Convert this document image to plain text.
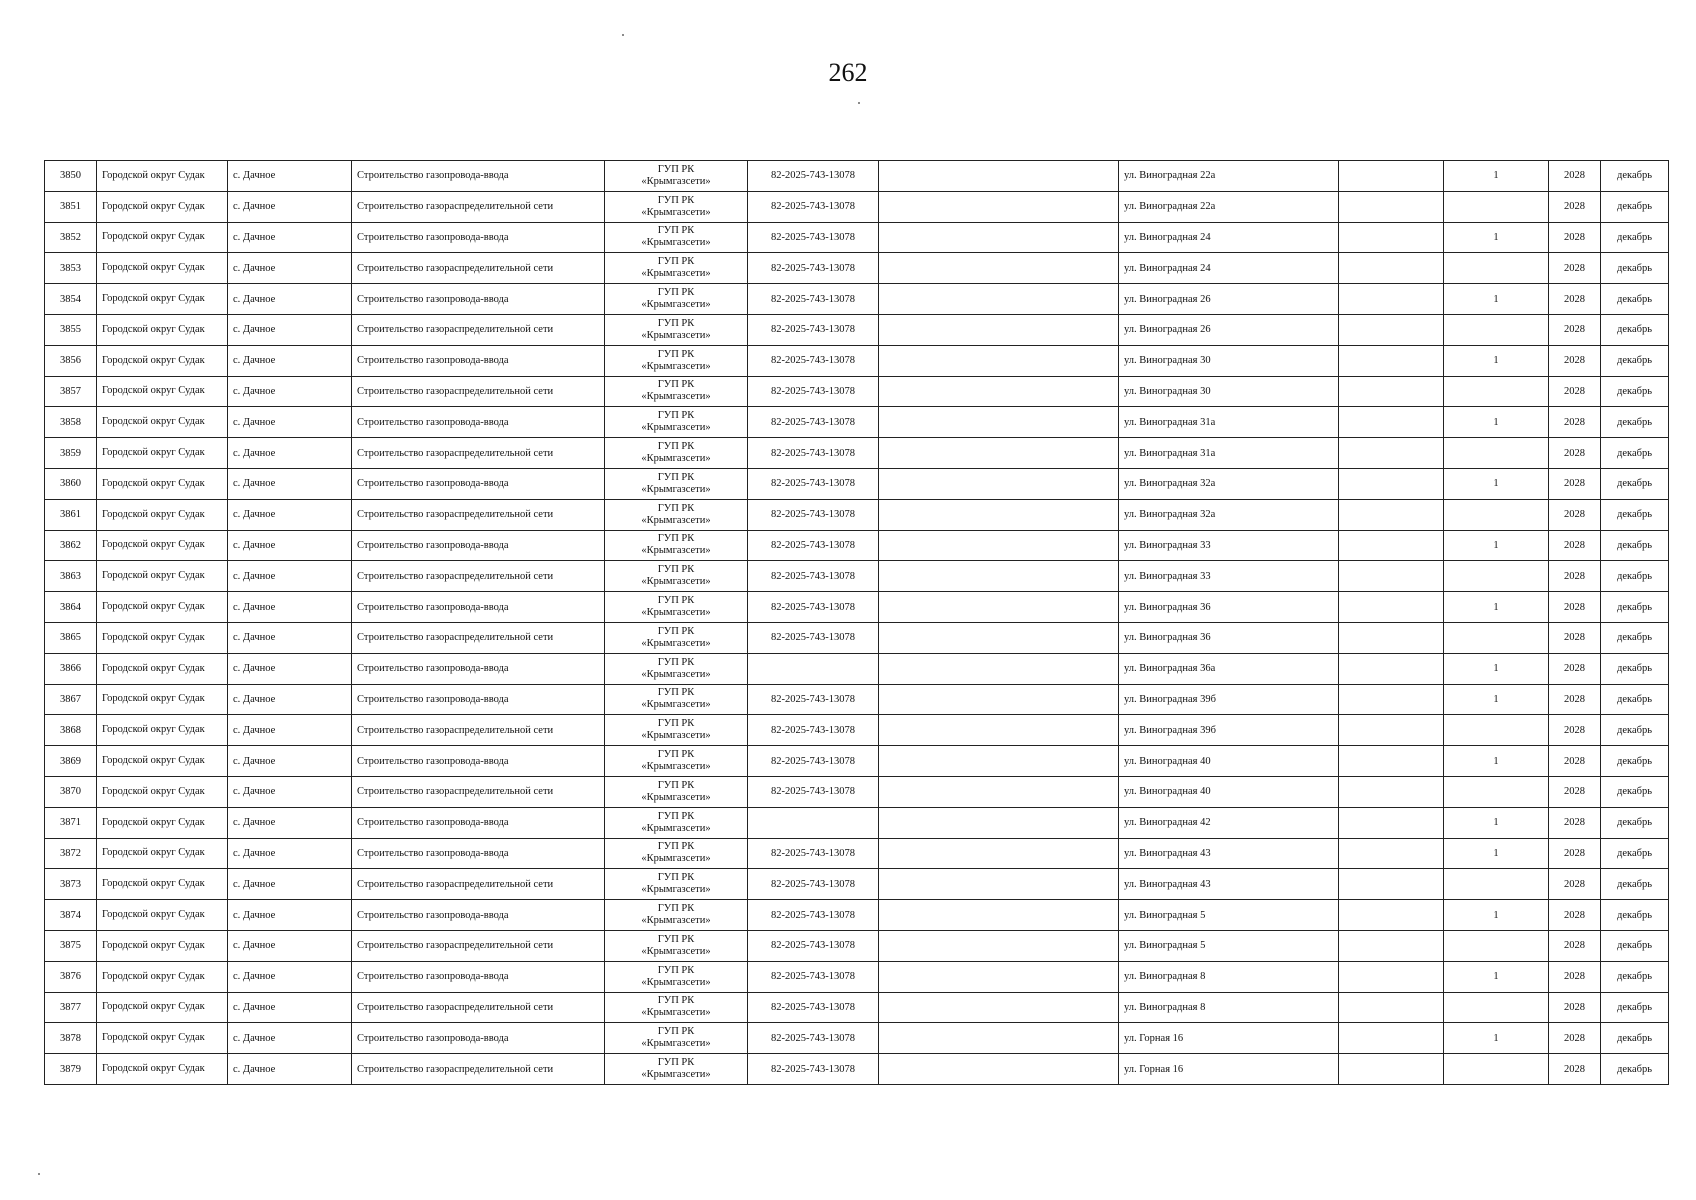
262
3850	Городской округ Судак	с. Дачное	Строительство газопровода-ввода	ГУП РК
«Крымгазсети»	82-2025-743-13078		ул. Виноградная 22а		1	2028	декабрь
3851	Городской округ Судак	с. Дачное	Строительство газораспределительной сети	ГУП РК
«Крымгазсети»	82-2025-743-13078		ул. Виноградная 22а			2028	декабрь
3852	Городской округ Судак	с. Дачное	Строительство газопровода-ввода	ГУП РК
«Крымгазсети»	82-2025-743-13078		ул. Виноградная 24		1	2028	декабрь
3853	Городской округ Судак	с. Дачное	Строительство газораспределительной сети	ГУП РК
«Крымгазсети»	82-2025-743-13078		ул. Виноградная 24			2028	декабрь
3854	Городской округ Судак	с. Дачное	Строительство газопровода-ввода	ГУП РК
«Крымгазсети»	82-2025-743-13078		ул. Виноградная 26		1	2028	декабрь
3855	Городской округ Судак	с. Дачное	Строительство газораспределительной сети	ГУП РК
«Крымгазсети»	82-2025-743-13078		ул. Виноградная 26			2028	декабрь
3856	Городской округ Судак	с. Дачное	Строительство газопровода-ввода	ГУП РК
«Крымгазсети»	82-2025-743-13078		ул. Виноградная 30		1	2028	декабрь
3857	Городской округ Судак	с. Дачное	Строительство газораспределительной сети	ГУП РК
«Крымгазсети»	82-2025-743-13078		ул. Виноградная 30			2028	декабрь
3858	Городской округ Судак	с. Дачное	Строительство газопровода-ввода	ГУП РК
«Крымгазсети»	82-2025-743-13078		ул. Виноградная 31а		1	2028	декабрь
3859	Городской округ Судак	с. Дачное	Строительство газораспределительной сети	ГУП РК
«Крымгазсети»	82-2025-743-13078		ул. Виноградная 31а			2028	декабрь
3860	Городской округ Судак	с. Дачное	Строительство газопровода-ввода	ГУП РК
«Крымгазсети»	82-2025-743-13078		ул. Виноградная 32а		1	2028	декабрь
3861	Городской округ Судак	с. Дачное	Строительство газораспределительной сети	ГУП РК
«Крымгазсети»	82-2025-743-13078		ул. Виноградная 32а			2028	декабрь
3862	Городской округ Судак	с. Дачное	Строительство газопровода-ввода	ГУП РК
«Крымгазсети»	82-2025-743-13078		ул. Виноградная 33		1	2028	декабрь
3863	Городской округ Судак	с. Дачное	Строительство газораспределительной сети	ГУП РК
«Крымгазсети»	82-2025-743-13078		ул. Виноградная 33			2028	декабрь
3864	Городской округ Судак	с. Дачное	Строительство газопровода-ввода	ГУП РК
«Крымгазсети»	82-2025-743-13078		ул. Виноградная 36		1	2028	декабрь
3865	Городской округ Судак	с. Дачное	Строительство газораспределительной сети	ГУП РК
«Крымгазсети»	82-2025-743-13078		ул. Виноградная 36			2028	декабрь
3866	Городской округ Судак	с. Дачное	Строительство газопровода-ввода	ГУП РК
«Крымгазсети»			ул. Виноградная 36а		1	2028	декабрь
3867	Городской округ Судак	с. Дачное	Строительство газопровода-ввода	ГУП РК
«Крымгазсети»	82-2025-743-13078		ул. Виноградная 39б		1	2028	декабрь
3868	Городской округ Судак	с. Дачное	Строительство газораспределительной сети	ГУП РК
«Крымгазсети»	82-2025-743-13078		ул. Виноградная 39б			2028	декабрь
3869	Городской округ Судак	с. Дачное	Строительство газопровода-ввода	ГУП РК
«Крымгазсети»	82-2025-743-13078		ул. Виноградная 40		1	2028	декабрь
3870	Городской округ Судак	с. Дачное	Строительство газораспределительной сети	ГУП РК
«Крымгазсети»	82-2025-743-13078		ул. Виноградная 40			2028	декабрь
3871	Городской округ Судак	с. Дачное	Строительство газопровода-ввода	ГУП РК
«Крымгазсети»			ул. Виноградная 42		1	2028	декабрь
3872	Городской округ Судак	с. Дачное	Строительство газопровода-ввода	ГУП РК
«Крымгазсети»	82-2025-743-13078		ул. Виноградная 43		1	2028	декабрь
3873	Городской округ Судак	с. Дачное	Строительство газораспределительной сети	ГУП РК
«Крымгазсети»	82-2025-743-13078		ул. Виноградная 43			2028	декабрь
3874	Городской округ Судак	с. Дачное	Строительство газопровода-ввода	ГУП РК
«Крымгазсети»	82-2025-743-13078		ул. Виноградная 5		1	2028	декабрь
3875	Городской округ Судак	с. Дачное	Строительство газораспределительной сети	ГУП РК
«Крымгазсети»	82-2025-743-13078		ул. Виноградная 5			2028	декабрь
3876	Городской округ Судак	с. Дачное	Строительство газопровода-ввода	ГУП РК
«Крымгазсети»	82-2025-743-13078		ул. Виноградная 8		1	2028	декабрь
3877	Городской округ Судак	с. Дачное	Строительство газораспределительной сети	ГУП РК
«Крымгазсети»	82-2025-743-13078		ул. Виноградная 8			2028	декабрь
3878	Городской округ Судак	с. Дачное	Строительство газопровода-ввода	ГУП РК
«Крымгазсети»	82-2025-743-13078		ул. Горная 16		1	2028	декабрь
3879	Городской округ Судак	с. Дачное	Строительство газораспределительной сети	ГУП РК
«Крымгазсети»	82-2025-743-13078		ул. Горная 16			2028	декабрь
